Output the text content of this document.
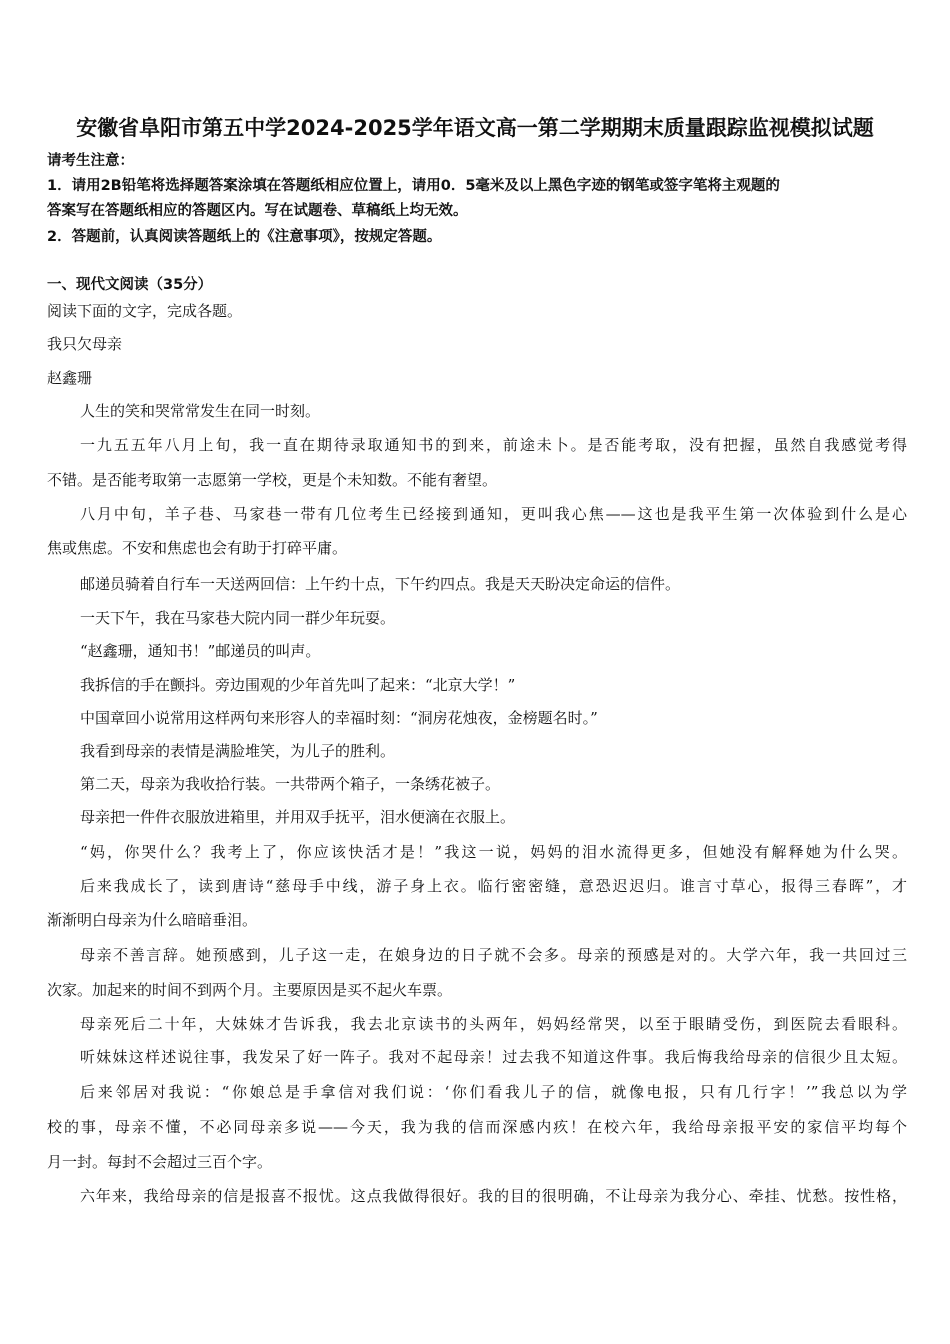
安徽省阜阳市第五中学2024-2025学年语文高一第二学期期末质量跟踪监视模拟试题
请考生注意：
1．请用2B铅笔将选择题答案涂填在答题纸相应位置上，请用0．5毫米及以上黑色字迹的钢笔或签字笔将主观题的
答案写在答题纸相应的答题区内。写在试题卷、草稿纸上均无效。
2．答题前，认真阅读答题纸上的《注意事项》，按规定答题。
一、现代文阅读（35分）
阅读下面的文字，完成各题。
我只欠母亲
赵鑫珊
人生的笑和哭常常发生在同一时刻。
一九五五年八月上旬，我一直在期待录取通知书的到来，前途未卜。是否能考取，没有把握，虽然自我感觉考得
不错。是否能考取第一志愿第一学校，更是个未知数。不能有奢望。
八月中旬，羊子巷、马家巷一带有几位考生已经接到通知，更叫我心焦——这也是我平生第一次体验到什么是心
焦或焦虑。不安和焦虑也会有助于打碎平庸。
邮递员骑着自行车一天送两回信：上午约十点，下午约四点。我是天天盼决定命运的信件。
一天下午，我在马家巷大院内同一群少年玩耍。
“赵鑫珊，通知书！”邮递员的叫声。
我拆信的手在颤抖。旁边围观的少年首先叫了起来：“北京大学！”
中国章回小说常用这样两句来形容人的幸福时刻：“洞房花烛夜，金榜题名时。”
我看到母亲的表情是满脸堆笑，为儿子的胜利。
第二天，母亲为我收拾行装。一共带两个箱子，一条绣花被子。
母亲把一件件衣服放进箱里，并用双手抚平，泪水便滴在衣服上。
“妈，你哭什么？我考上了，你应该快活才是！”我这一说，妈妈的泪水流得更多，但她没有解释她为什么哭。
后来我成长了，读到唐诗“慈母手中线，游子身上衣。临行密密缝，意恐迟迟归。谁言寸草心，报得三春晖”，才
渐渐明白母亲为什么暗暗垂泪。
母亲不善言辞。她预感到，儿子这一走，在娘身边的日子就不会多。母亲的预感是对的。大学六年，我一共回过三
次家。加起来的时间不到两个月。主要原因是买不起火车票。
母亲死后二十年，大妹妹才告诉我，我去北京读书的头两年，妈妈经常哭，以至于眼睛受伤，到医院去看眼科。
听妹妹这样述说往事，我发呆了好一阵子。我对不起母亲！过去我不知道这件事。我后悔我给母亲的信很少且太短。
后来邻居对我说：“你娘总是手拿信对我们说：‘你们看我儿子的信，就像电报，只有几行字！’”我总以为学
校的事，母亲不懂，不必同母亲多说——今天，我为我的信而深感内疚！在校六年，我给母亲报平安的家信平均每个
月一封。每封不会超过三百个字。
六年来，我给母亲的信是报喜不报忧。这点我做得很好。我的目的很明确，不让母亲为我分心、牵挂、忧愁。按性格，
